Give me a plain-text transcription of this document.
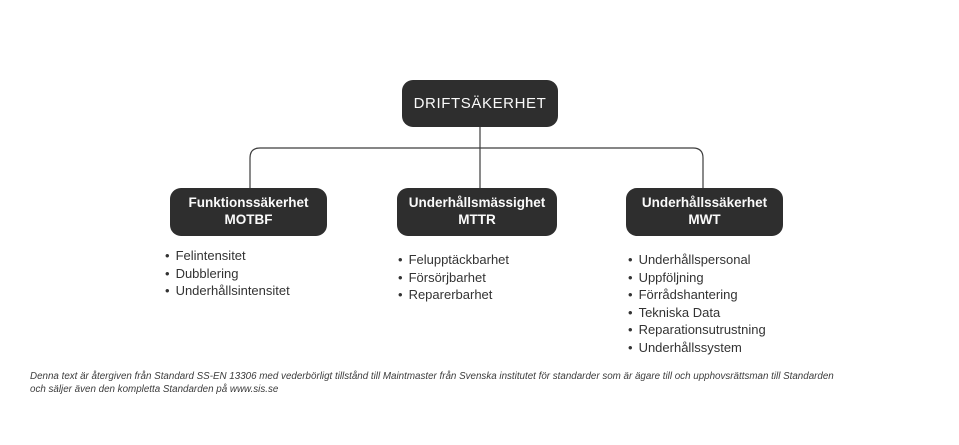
DRIFTSÄKERHET
Funktionssäkerhet
MOTBF
Underhållsmässighet
MTTR
Underhållssäkerhet
MWT
• Felintensitet
• Dubblering
• Underhållsintensitet
• Felupptäckbarhet
• Försörjbarhet
• Reparerbarhet
• Underhållspersonal
• Uppföljning
• Förrådshantering
• Tekniska Data
• Reparationsutrustning
• Underhållssystem
Denna text är återgiven från Standard SS-EN 13306 med vederbörligt tillstånd till Maintmaster från Svenska institutet för standarder som är ägare till och upphovsrättsman till Standarden
och säljer även den kompletta Standarden på www.sis.se
